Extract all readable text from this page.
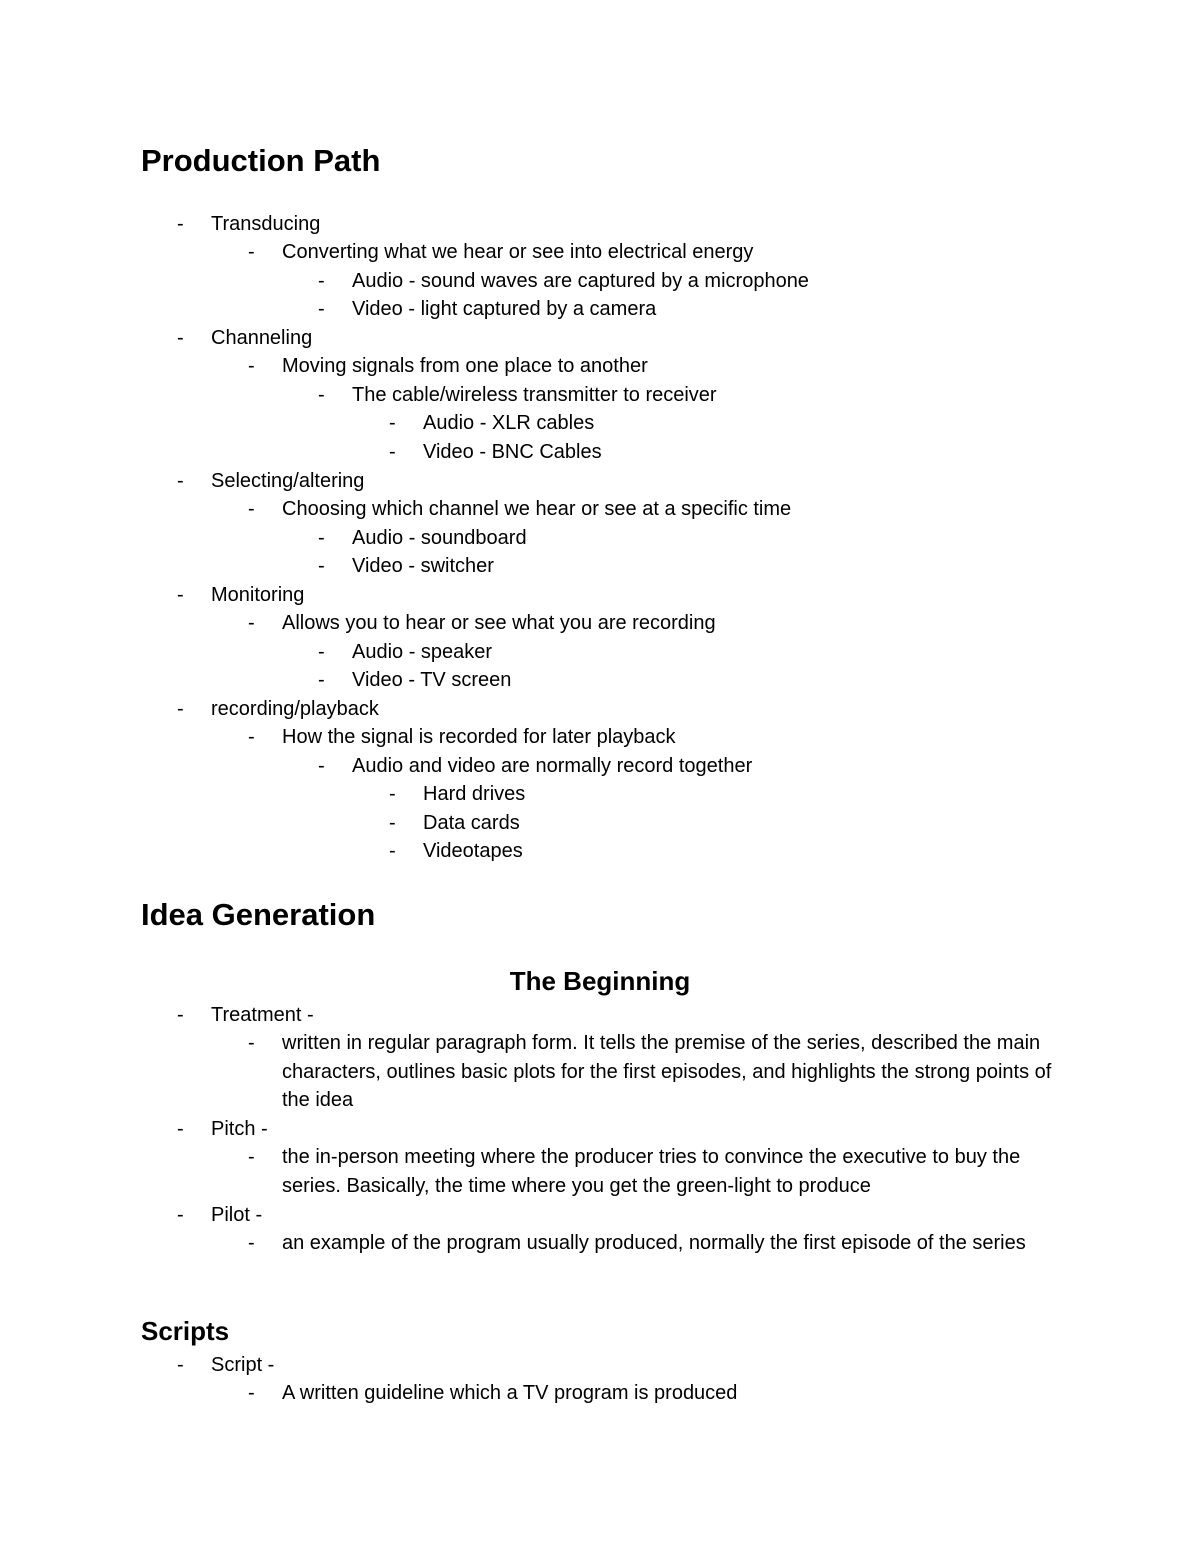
Production Path
- Transducing
- Converting what we hear or see into electrical energy
- Audio - sound waves are captured by a microphone
- Video - light captured by a camera
- Channeling
- Moving signals from one place to another
- The cable/wireless transmitter to receiver
- Audio - XLR cables
- Video - BNC Cables
- Selecting/altering
- Choosing which channel we hear or see at a specific time
- Audio - soundboard
- Video - switcher
- Monitoring
- Allows you to hear or see what you are recording
- Audio - speaker
- Video - TV screen
- recording/playback
- How the signal is recorded for later playback
- Audio and video are normally record together
- Hard drives
- Data cards
- Videotapes
Idea Generation
The Beginning
- Treatment -
- written in regular paragraph form. It tells the premise of the series, described the main characters, outlines basic plots for the first episodes, and highlights the strong points of the idea
- Pitch -
- the in-person meeting where the producer tries to convince the executive to buy the series. Basically, the time where you get the green-light to produce
- Pilot -
- an example of the program usually produced, normally the first episode of the series
Scripts
- Script -
- A written guideline which a TV program is produced
